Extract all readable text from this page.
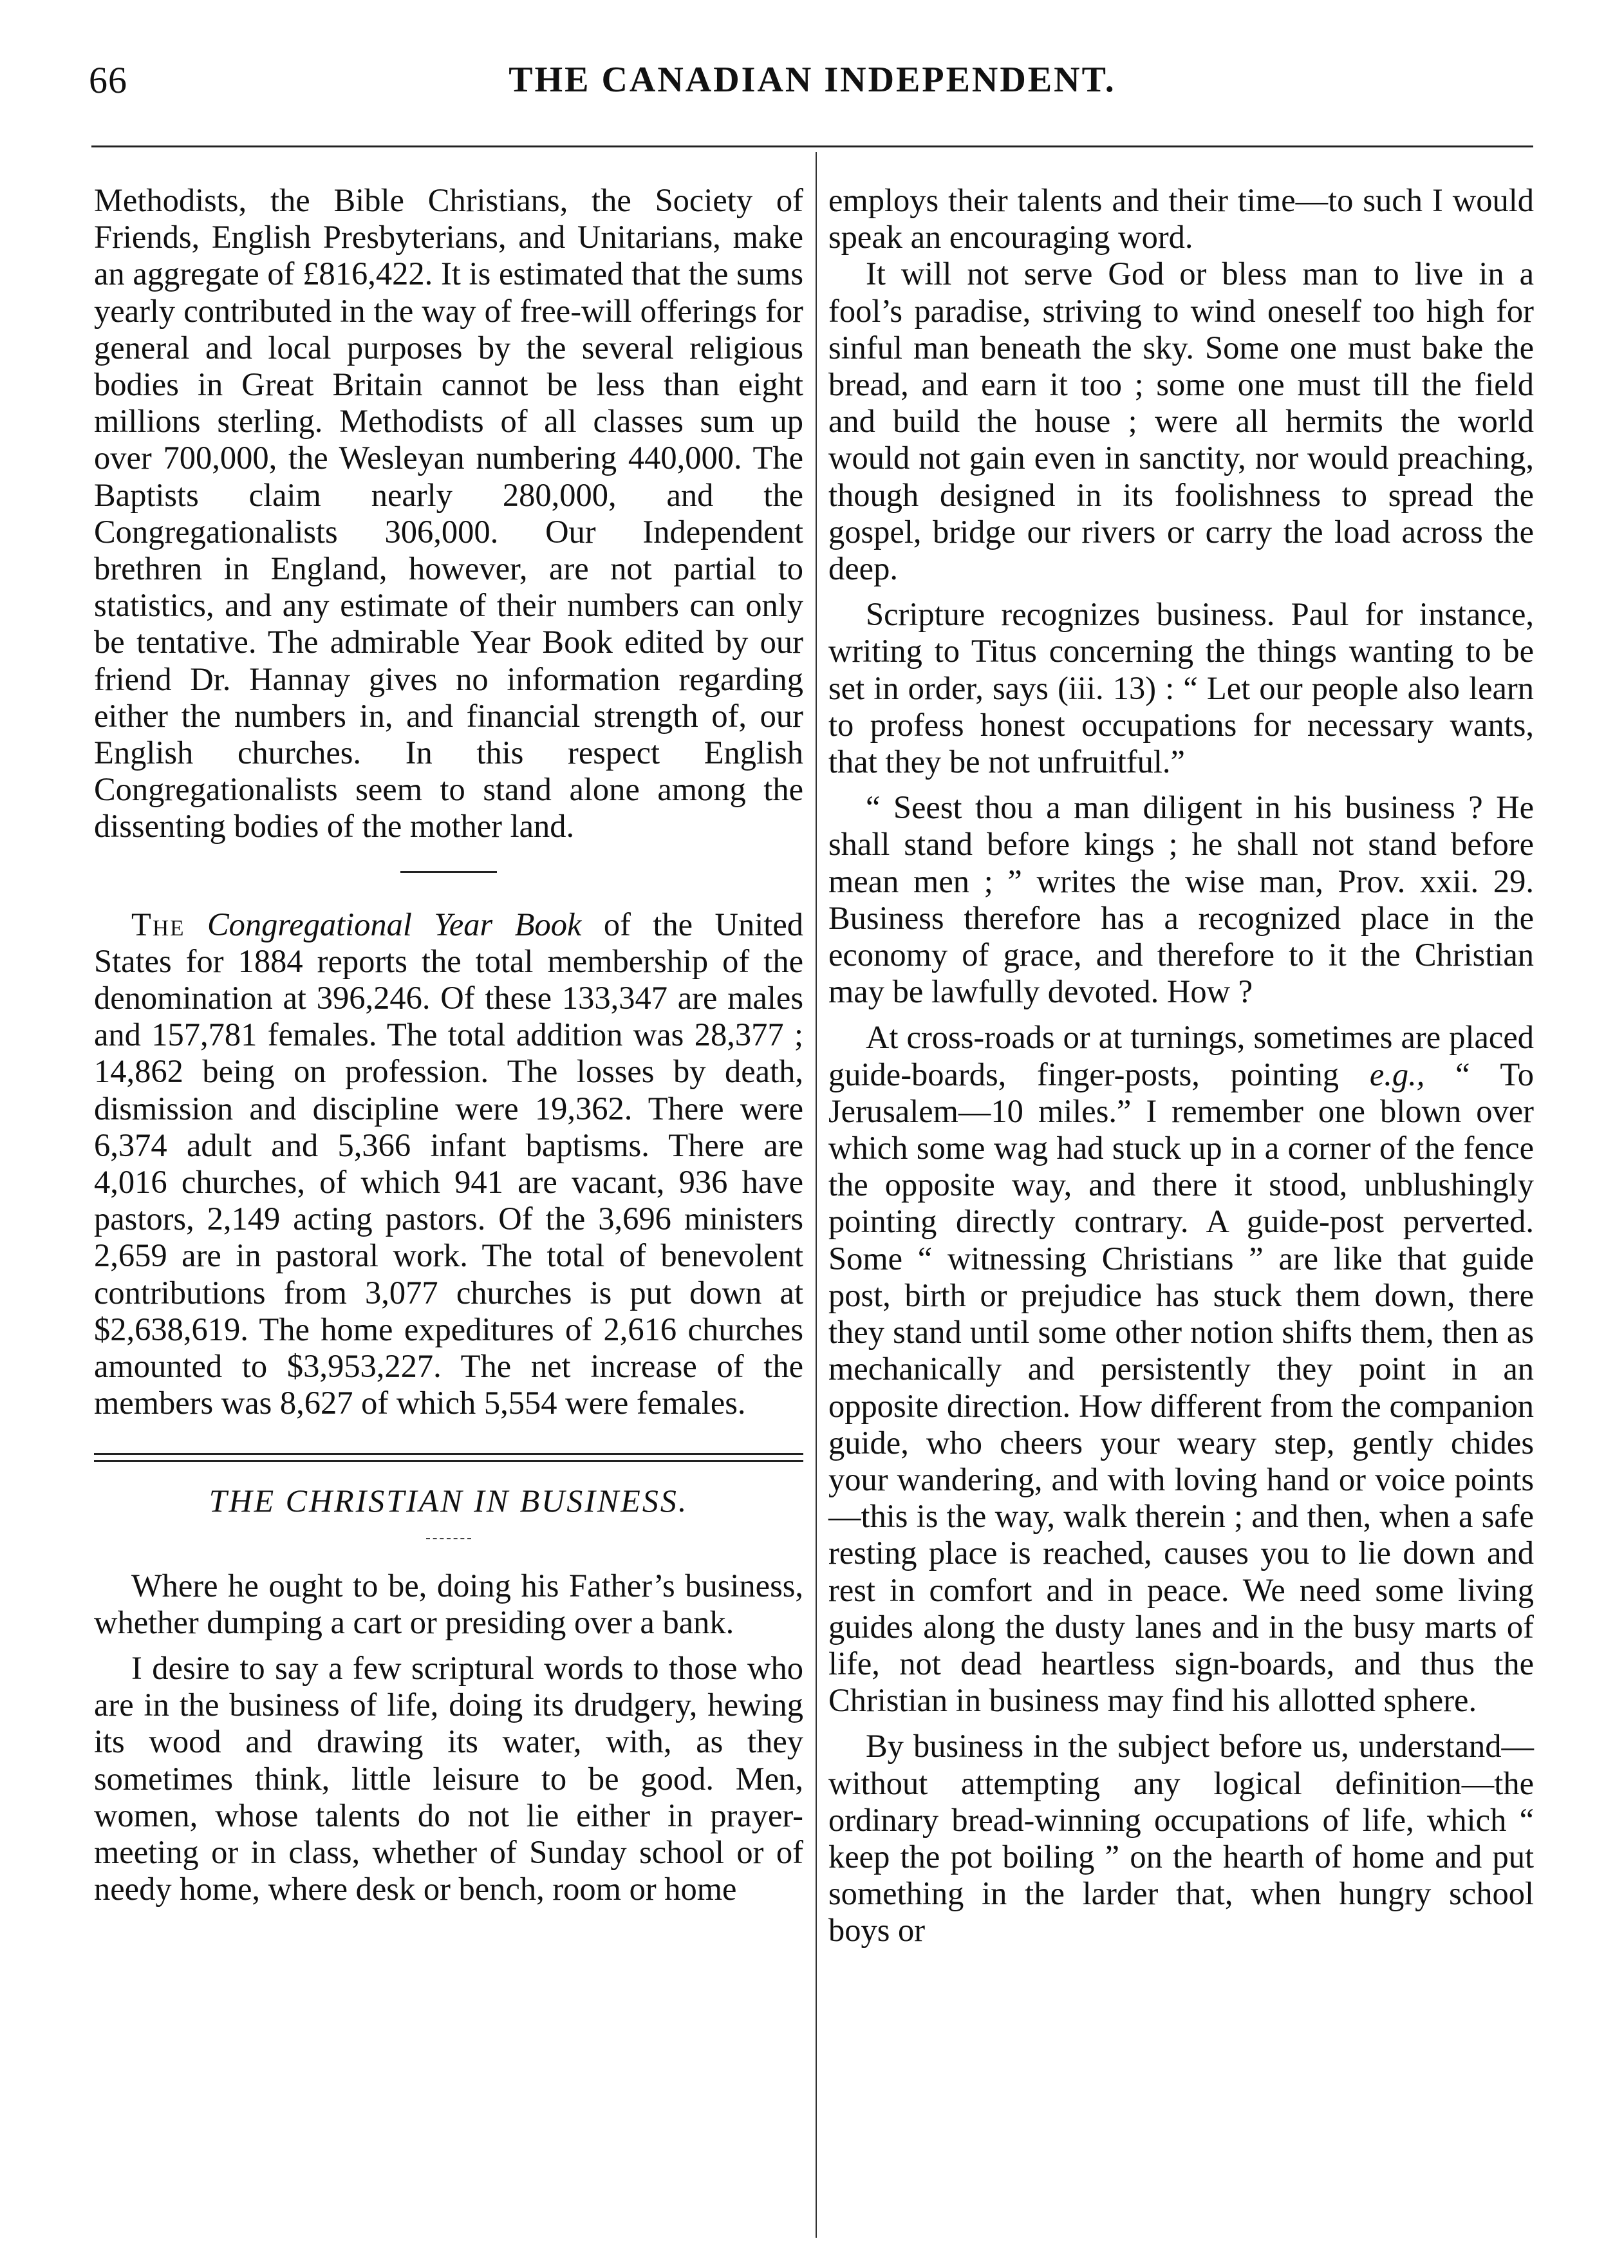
66	THE CANADIAN INDEPENDENT.

Methodists, the Bible Christians, the Society of Friends, English Presbyterians, and Unitarians, make an aggregate of £816,422. It is estimated that the sums yearly contributed in the way of free-will offerings for general and local purposes by the several religious bodies in Great Britain cannot be less than eight millions sterling. Methodists of all classes sum up over 700,000, the Wesleyan numbering 440,000. The Baptists claim nearly 280,000, and the Congregationalists 306,000. Our Independent brethren in England, however, are not partial to statistics, and any estimate of their numbers can only be tentative. The admirable Year Book edited by our friend Dr. Hannay gives no information regarding either the numbers in, and financial strength of, our English churches. In this respect English Congregationalists seem to stand alone among the dissenting bodies of the mother land.

The Congregational Year Book of the United States for 1884 reports the total membership of the denomination at 396,246. Of these 133,347 are males and 157,781 females. The total addition was 28,377 ; 14,862 being on profession. The losses by death, dismission and discipline were 19,362. There were 6,374 adult and 5,366 infant baptisms. There are 4,016 churches, of which 941 are vacant, 936 have pastors, 2,149 acting pastors. Of the 3,696 ministers 2,659 are in pastoral work. The total of benevolent contributions from 3,077 churches is put down at $2,638,619. The home expeditures of 2,616 churches amounted to $3,953,227. The net increase of the members was 8,627 of which 5,554 were females.

THE CHRISTIAN IN BUSINESS.

Where he ought to be, doing his Father’s business, whether dumping a cart or presiding over a bank.

I desire to say a few scriptural words to those who are in the business of life, doing its drudgery, hewing its wood and drawing its water, with, as they sometimes think, little leisure to be good. Men, women, whose talents do not lie either in prayer-meeting or in class, whether of Sunday school or of needy home, where desk or bench, room or home

employs their talents and their time—to such I would speak an encouraging word.

It will not serve God or bless man to live in a fool’s paradise, striving to wind oneself too high for sinful man beneath the sky. Some one must bake the bread, and earn it too ; some one must till the field and build the house ; were all hermits the world would not gain even in sanctity, nor would preaching, though designed in its foolishness to spread the gospel, bridge our rivers or carry the load across the deep.

Scripture recognizes business. Paul for instance, writing to Titus concerning the things wanting to be set in order, says (iii. 13) : “ Let our people also learn to profess honest occupations for necessary wants, that they be not unfruitful.”

“ Seest thou a man diligent in his business ? He shall stand before kings ; he shall not stand before mean men ; ” writes the wise man, Prov. xxii. 29. Business therefore has a recognized place in the economy of grace, and therefore to it the Christian may be lawfully devoted. How ?

At cross-roads or at turnings, sometimes are placed guide-boards, finger-posts, pointing e.g., “ To Jerusalem—10 miles.” I remember one blown over which some wag had stuck up in a corner of the fence the opposite way, and there it stood, unblushingly pointing directly contrary. A guide-post perverted. Some “ witnessing Christians ” are like that guide post, birth or prejudice has stuck them down, there they stand until some other notion shifts them, then as mechanically and persistently they point in an opposite direction. How different from the companion guide, who cheers your weary step, gently chides your wandering, and with loving hand or voice points—this is the way, walk therein ; and then, when a safe resting place is reached, causes you to lie down and rest in comfort and in peace. We need some living guides along the dusty lanes and in the busy marts of life, not dead heartless sign-boards, and thus the Christian in business may find his allotted sphere.

By business in the subject before us, understand—without attempting any logical definition—the ordinary bread-winning occupations of life, which “ keep the pot boiling ” on the hearth of home and put something in the larder that, when hungry school boys or
